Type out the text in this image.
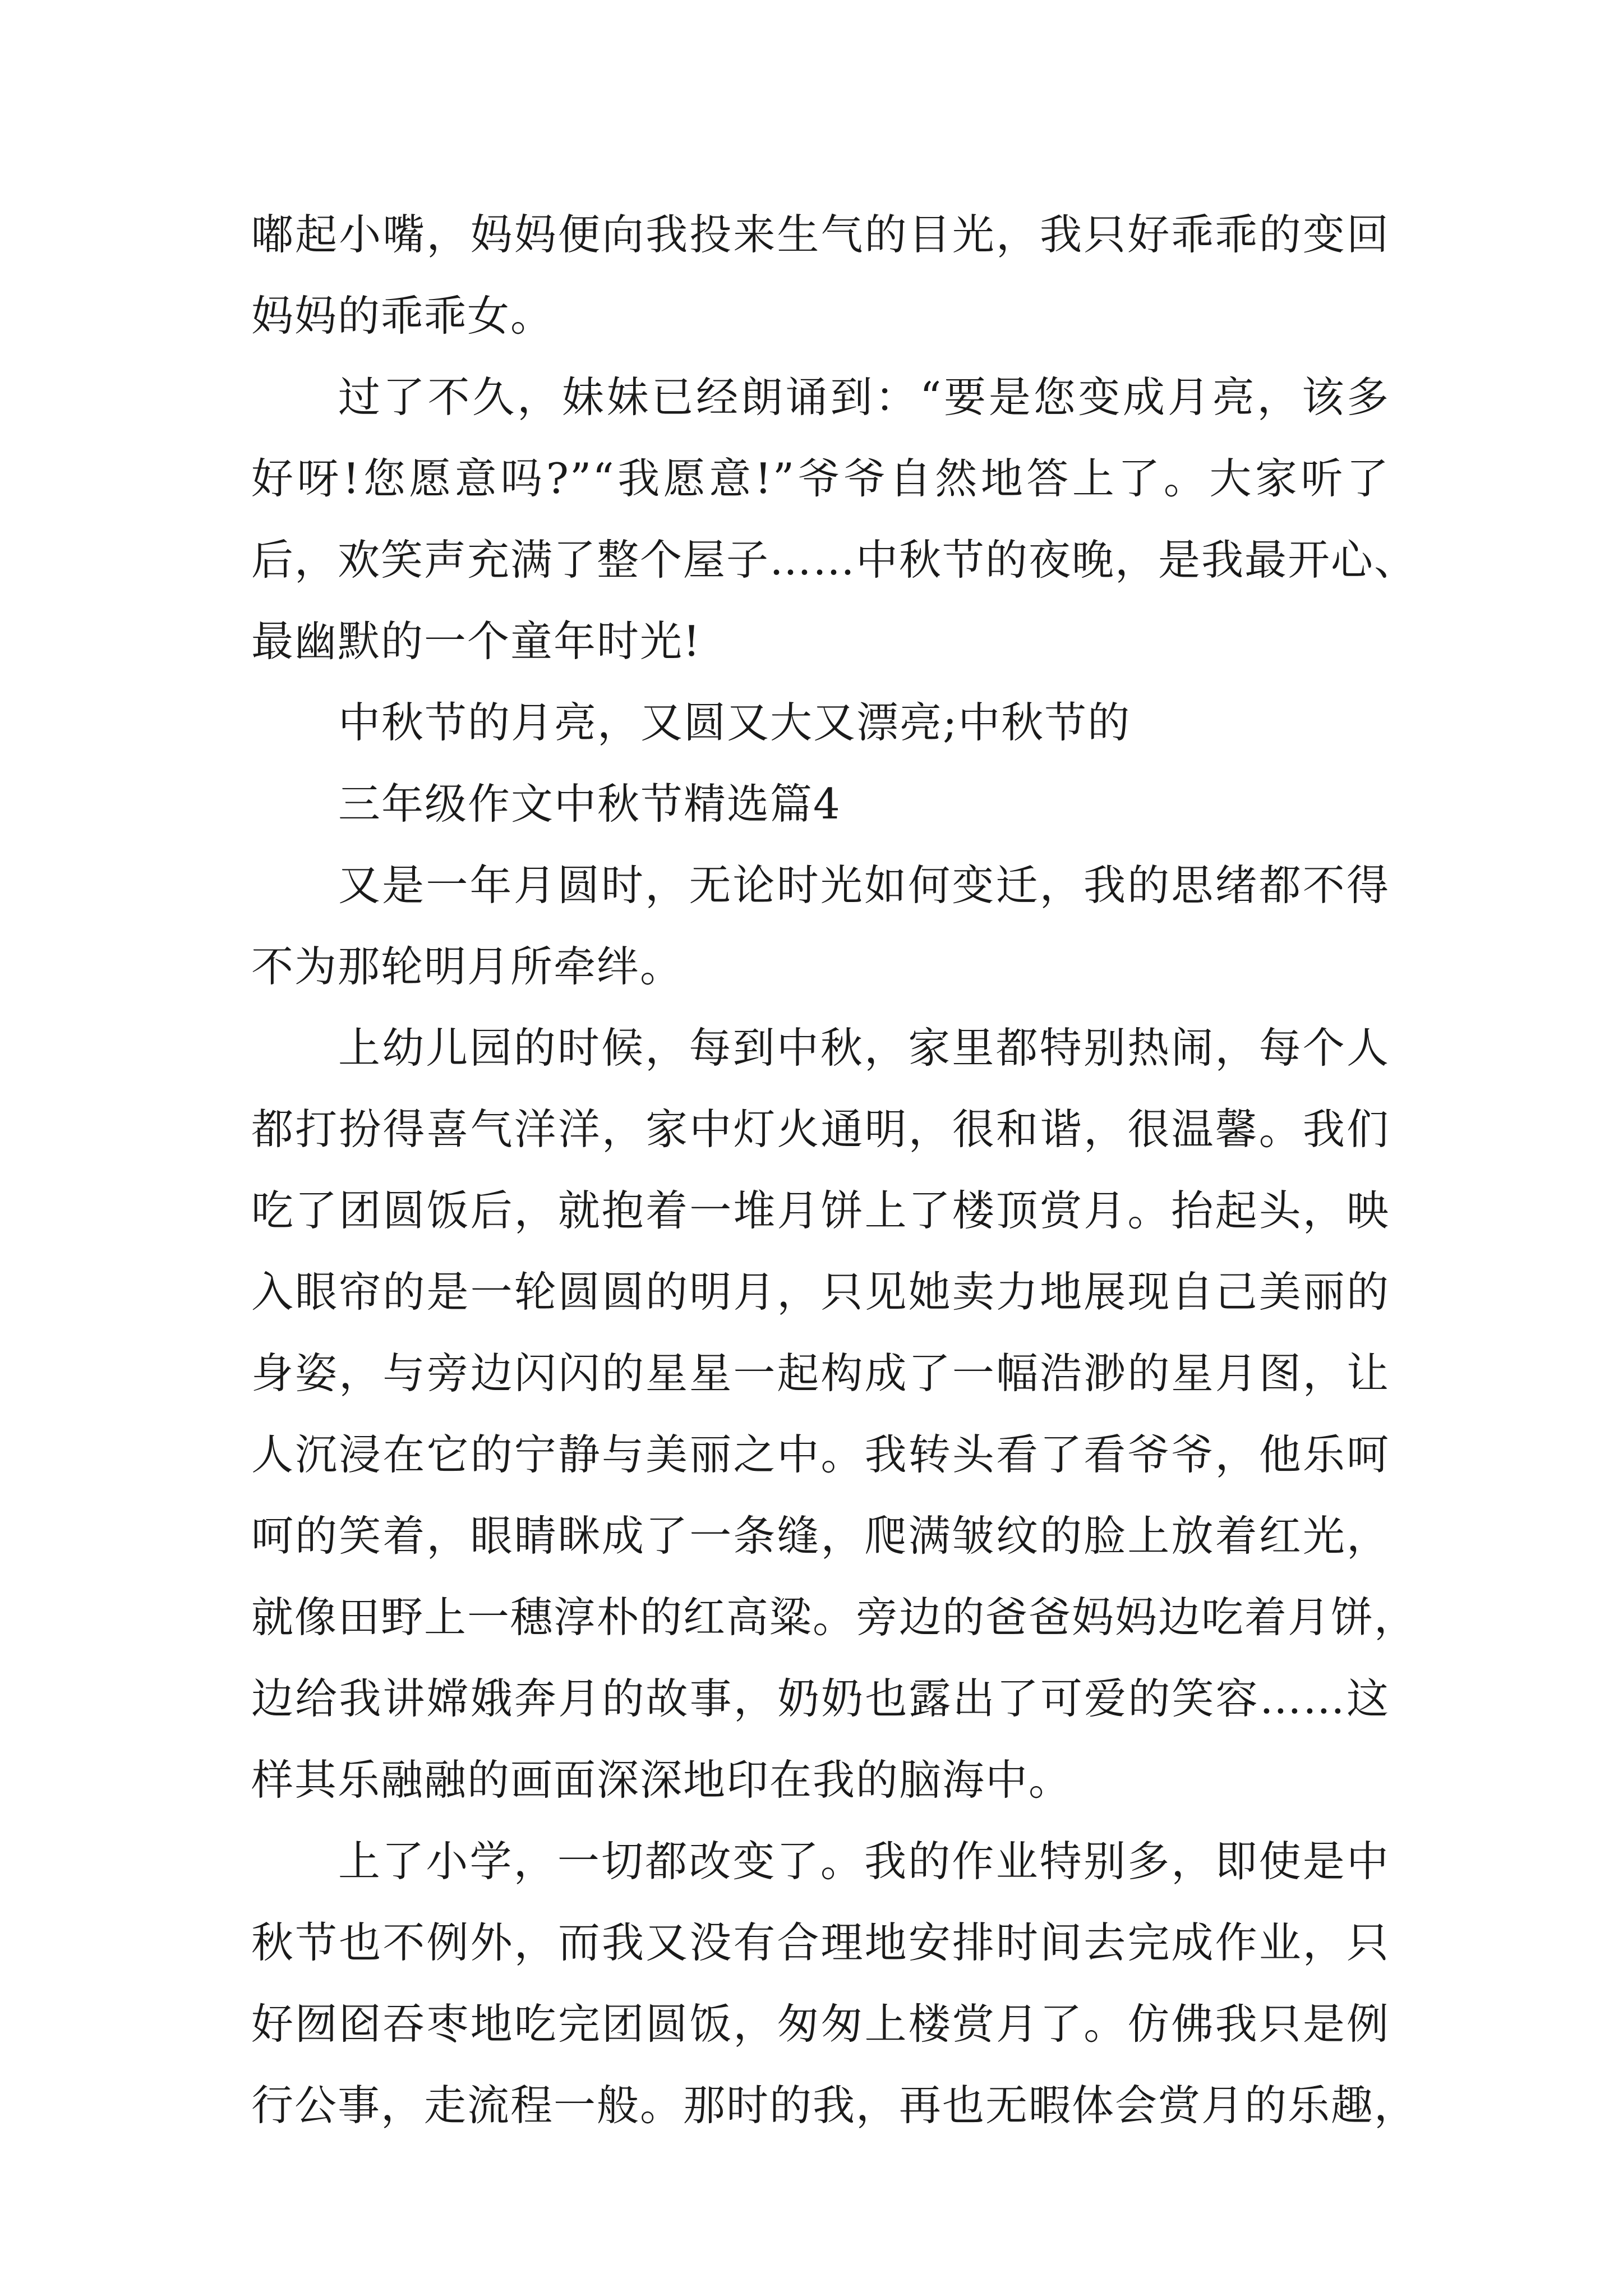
嘟起小嘴，妈妈便向我投来生气的目光，我只好乖乖的变回
妈妈的乖乖女。
过了不久，妹妹已经朗诵到：“要是您变成月亮，该多
好呀!您愿意吗?”“我愿意!”爷爷自然地答上了。大家听了
后，欢笑声充满了整个屋子……中秋节的夜晚，是我最开心、
最幽默的一个童年时光!
中秋节的月亮，又圆又大又漂亮;中秋节的
三年级作文中秋节精选篇4
又是一年月圆时，无论时光如何变迁，我的思绪都不得
不为那轮明月所牵绊。
上幼儿园的时候，每到中秋，家里都特别热闹，每个人
都打扮得喜气洋洋，家中灯火通明，很和谐，很温馨。我们
吃了团圆饭后，就抱着一堆月饼上了楼顶赏月。抬起头，映
入眼帘的是一轮圆圆的明月，只见她卖力地展现自己美丽的
身姿，与旁边闪闪的星星一起构成了一幅浩渺的星月图，让
人沉浸在它的宁静与美丽之中。我转头看了看爷爷，他乐呵
呵的笑着，眼睛眯成了一条缝，爬满皱纹的脸上放着红光，
就像田野上一穗淳朴的红高粱。旁边的爸爸妈妈边吃着月饼，
边给我讲嫦娥奔月的故事，奶奶也露出了可爱的笑容……这
样其乐融融的画面深深地印在我的脑海中。
上了小学，一切都改变了。我的作业特别多，即使是中
秋节也不例外，而我又没有合理地安排时间去完成作业，只
好囫囵吞枣地吃完团圆饭，匆匆上楼赏月了。仿佛我只是例
行公事，走流程一般。那时的我，再也无暇体会赏月的乐趣，
